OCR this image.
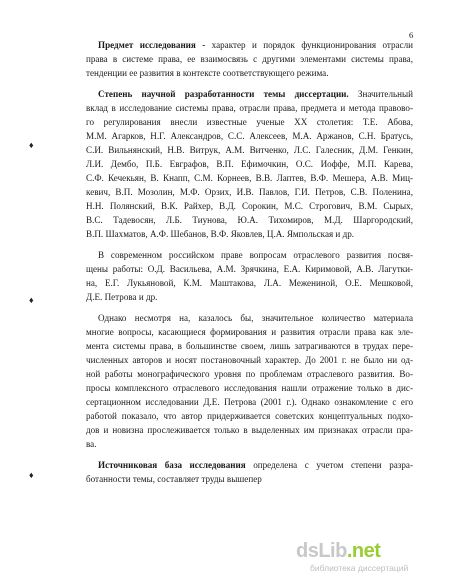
6
♦
♦
♦
Предмет исследования - характер и порядок функционирования отрасли
права в системе права, ее взаимосвязь с другими элементами системы права,
тенденции ее развития в контексте соответствующего режима.
Степень научной разработанности темы диссертации. Значительный
вклад в исследование системы права, отрасли права, предмета и метода правово-
го регулирования внесли известные ученые XX столетия: Т.Е. Абова,
М.М. Агарков, Н.Г. Александров, С.С. Алексеев, М.А. Аржанов, С.Н. Братусь,
С.И. Вильнянский, Н.В. Витрук, А.М. Витченко, Л.С. Галесник, Д.М. Генкин,
Л.И. Дембо, П.Б. Евграфов, В.П. Ефимочкин, О.С. Иоффе, М.П. Карева,
С.Ф. Кечекьян, В. Кнапп, С.М. Корнеев, В.В. Лаптев, В.Ф. Мешера, А.В. Миц-
кевич, В.П. Мозолин, М.Ф. Орзих, И.В. Павлов, Г.И. Петров, С.В. Поленина,
Н.Н. Полянский, В.К. Райхер, В.Д. Сорокин, М.С. Строгович, В.М. Сырых,
В.С. Тадевосян, Л.Б. Тиунова, Ю.А. Тихомиров, М.Д. Шаргородский,
В.П. Шахматов, А.Ф. Шебанов, В.Ф. Яковлев, Ц.А. Ямпольская и др.
В современном российском праве вопросам отраслевого развития посвя-
щены работы: О.Д. Васильева, А.М. Зрячкина, Е.А. Киримовой, А.В. Лагутки-
на, Е.Г. Лукьяновой, К.М. Маштакова, Л.А. Межениной, О.Е. Мешковой,
Д.Е. Петрова и др.
Однако несмотря на, казалось бы, значительное количество материала
многие вопросы, касающиеся формирования и развития отрасли права как эле-
мента системы права, в большинстве своем, лишь затрагиваются в трудах пере-
численных авторов и носят постановочный характер. До 2001 г. не было ни од-
ной работы монографического уровня по проблемам отраслевого развития. Во-
просы комплексного отраслевого исследования нашли отражение только в дис-
сертационном исследовании Д.Е. Петрова (2001 г.). Однако ознакомление с его
работой показало, что автор придерживается советских концептуальных подхо-
дов и новизна прослеживается только в выделенных им признаках отрасли пра-
ва.
Источниковая база исследования определена с учетом степени разра-
ботанности темы, составляет труды вышепер
dsLib.net
библиотека диссертаций
